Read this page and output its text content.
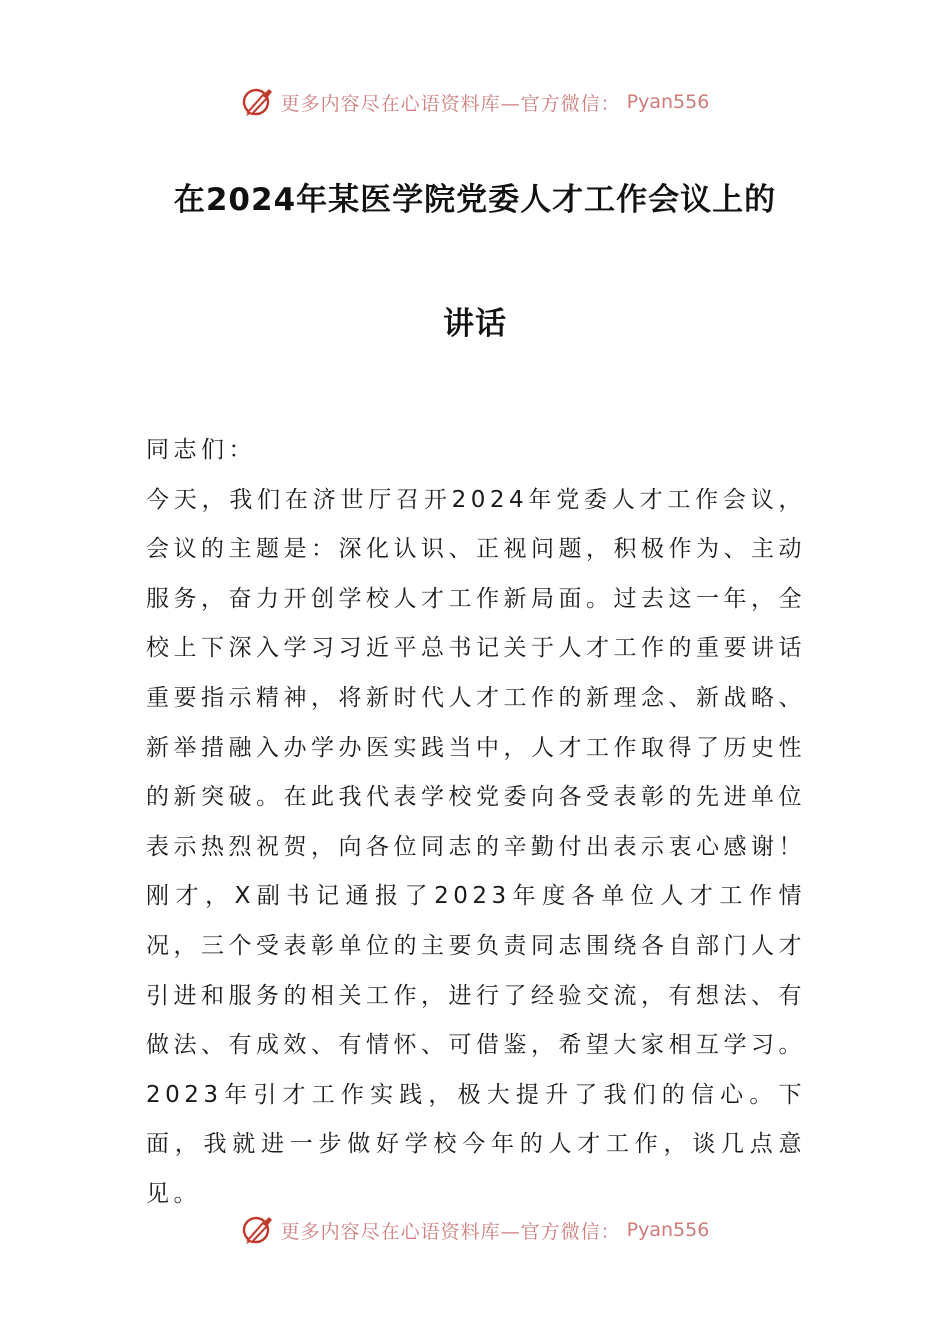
更多内容尽在心语资料库—官方微信： Pyan556
在2024年某医学院党委人才工作会议上的
讲话

同志们：

今天，我们在济世厅召开2024年党委人才工作会议，会议的主题是：深化认识、正视问题，积极作为、主动服务，奋力开创学校人才工作新局面。过去这一年，全校上下深入学习习近平总书记关于人才工作的重要讲话重要指示精神，将新时代人才工作的新理念、新战略、新举措融入办学办医实践当中，人才工作取得了历史性的新突破。在此我代表学校党委向各受表彰的先进单位表示热烈祝贺，向各位同志的辛勤付出表示衷心感谢！

刚才，X副书记通报了2023年度各单位人才工作情况，三个受表彰单位的主要负责同志围绕各自部门人才引进和服务的相关工作，进行了经验交流，有想法、有做法、有成效、有情怀、可借鉴，希望大家相互学习。2023年引才工作实践，极大提升了我们的信心。下面，我就进一步做好学校今年的人才工作，谈几点意见。

更多内容尽在心语资料库—官方微信： Pyan556
